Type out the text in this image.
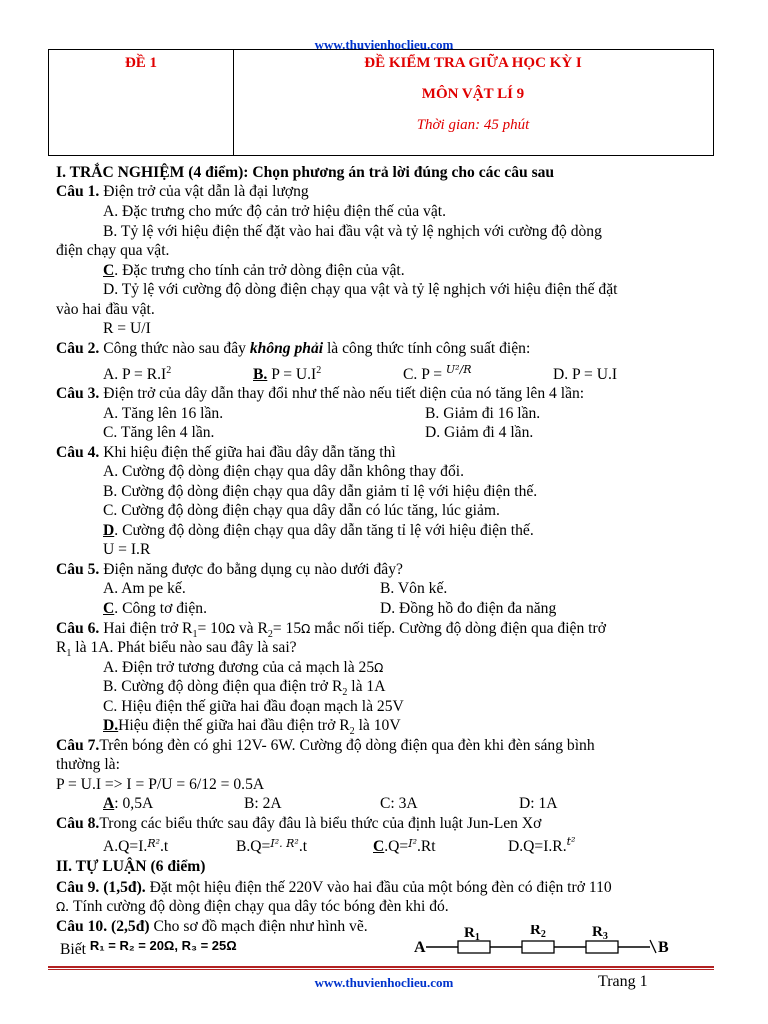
www.thuvienhoclieu.com
ĐỀ 1	ĐỀ KIỂM TRA GIỮA HỌC KỲ I
MÔN VẬT LÍ 9
Thời gian: 45 phút
I. TRẮC NGHIỆM (4 điểm): Chọn phương án trả lời đúng cho các câu sau
Câu 1. Điện trở của vật dẫn là đại lượng
A. Đặc trưng cho mức độ cản trở hiệu điện thế của vật.
B. Tỷ lệ với hiệu điện thế đặt vào hai đầu vật và tỷ lệ nghịch với cường độ dòng
điện chạy qua vật.
C. Đặc trưng cho tính cản trở dòng điện của vật.
D. Tỷ lệ với cường độ dòng điện chạy qua vật và tỷ lệ nghịch với hiệu điện thế đặt
vào hai đầu vật.
R = U/I
Câu 2. Công thức nào sau đây không phải là công thức tính công suất điện:
A. $P = R.I^2$	B. $P = U.I^2$	C. P = $^{U^2/R}$	D. P = U.I
Câu 3. Điện trở của dây dẫn thay đổi như thế nào nếu tiết diện của nó tăng lên 4 lần:
A. Tăng lên 16 lần.	B. Giảm đi 16 lần.
C. Tăng lên 4 lần.	D. Giảm đi 4 lần.
Câu 4. Khi hiệu điện thế giữa hai đầu dây dẫn tăng thì
A. Cường độ dòng điện chạy qua dây dẫn không thay đổi.
B. Cường độ dòng điện chạy qua dây dẫn giảm tỉ lệ với hiệu điện thế.
C. Cường độ dòng điện chạy qua dây dẫn có lúc tăng, lúc giảm.
D. Cường độ dòng điện chạy qua dây dẫn tăng tỉ lệ với hiệu điện thế.
U = I.R
Câu 5. Điện năng được đo bằng dụng cụ nào dưới đây?
A. Am pe kế.	B. Vôn kế.
C. Công tơ điện.	D. Đồng hồ đo điện đa năng
Câu 6. Hai điện trở $R_1= 10\Omega$ và $R_2= 15\Omega$ mắc nối tiếp. Cường độ dòng điện qua điện trở
$R_1$ là 1A. Phát biểu nào sau đây là sai?
A. Điện trở tương đương của cả mạch là 25Ω
B. Cường độ dòng điện qua điện trở $R_2$ là 1A
C. Hiệu điện thế giữa hai đầu đoạn mạch là 25V
D.Hiệu điện thế giữa hai đầu điện trở $R_2$ là 10V
Câu 7.Trên bóng đèn có ghi 12V- 6W. Cường độ dòng điện qua đèn khi đèn sáng bình
thường là:
P = U.I => I = P/U = 6/12 = 0.5A
A: 0,5A	B: 2A	C: 3A	D: 1A
Câu 8.Trong các biểu thức sau đây đâu là biểu thức của định luật Jun-Len Xơ
A.Q=I.$^{R^2}$.t	B.Q=$^{I^2. R^2}$.t	C.Q=$^{I^2}$.Rt	D.Q=I.R.$^{t^2}$
II. TỰ LUẬN (6 điểm)
Câu 9. (1,5đ). Đặt một hiệu điện thế 220V vào hai đầu của một bóng đèn có điện trở 110
Ω. Tính cường độ dòng điện chạy qua dây tóc bóng đèn khi đó.
Câu 10. (2,5đ) Cho sơ đồ mạch điện như hình vẽ.
Biết $^{R_1 = R_2 = 20\Omega, R_3 = 25\Omega}$	A	B
$R_1$	$R_2$	$R_3$
www.thuvienhoclieu.com	Trang 1
